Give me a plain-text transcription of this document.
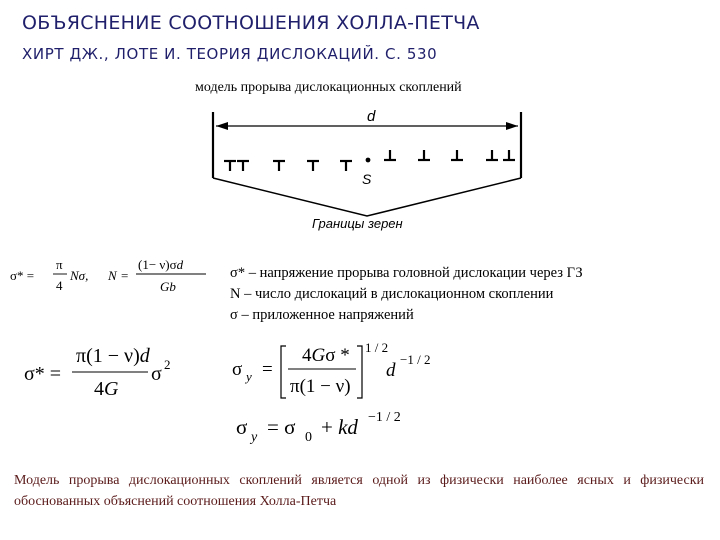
ОБЪЯСНЕНИЕ СООТНОШЕНИЯ ХОЛЛА-ПЕТЧА
ХИРТ ДЖ., ЛОТЕ И. ТЕОРИЯ ДИСЛОКАЦИЙ. С. 530
модель прорыва дислокационных скоплений
d
Границы зерен
S
σ* =
π
4
Nσ, N =
(1− ν)σd
Gb
σ* =
π(1 − ν)d
4G
σ 2	σ y =
4Gσ *
π(1 − ν)
1 / 2
d
−1 / 2
σ y = σ 0 + kd −1 / 2
σ* – напряжение прорыва головной дислокации через ГЗ
N – число дислокаций в дислокационном скоплении
σ – приложенное напряжений
Модель прорыва дислокационных скоплений является одной из физически наиболее ясных и физически обоснованных объяснений соотношения Холла-Петча
